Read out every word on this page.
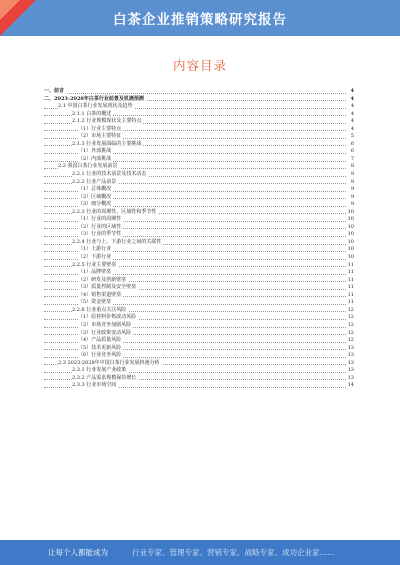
白茶企业推销策略研究报告
内容目录
一、前言	4
二、2023-2028年白茶行业前景及机遇预测	4
2.1 中国白茶行业发展现状及趋势	4
2.1.1 白茶的概述	4
2.1.2 行业规模现状及主要特点	4
（1）行业主要特点	4
（2）市场主要特征	5
2.1.3 行业发展面临的主要挑战	6
（1）外部挑战	6
（2）内部挑战	7
2.2 我国白茶行业发展前景	8
2.2.1 行业的技术前景及技术动态	9
2.2.2 行业产品前景	9
（1）总体概况	9
（2）区域概况	9
（3）细分概况	9
2.2.3 行业的周期性、区域性和季节性	10
（1）行业的周期性	10
（2）行业的区域性	10
（3）行业的季节性	10
2.2.4 行业与上、下游行业之间的关联性	10
（1）上游行业	10
（2）下游行业	10
2.2.5 行业主要壁垒	11
（1）品牌壁垒	11
（2）研发及创新壁垒	11
（3）质量控制及安全壁垒	11
（4）销售渠道壁垒	11
（5）资金壁垒	11
2.2.6 行业重点关注风险	12
（1）原材料价格波动风险	12
（2）市场竞争加剧风险	12
（3）行业政策变动风险	12
（4）产品质量风险	12
（5）技术更新风险	13
（6）行业竞争风险	13
2.3 2023-2028年中国白茶行业发展机遇分析	13
2.3.1 行业发展产业政策	13
2.3.2 产品需求规模保持增长	13
2.3.3 行业市场空间	14
让每个人都能成为	行业专家、管理专家、营销专家、战略专家、成功企业家……
